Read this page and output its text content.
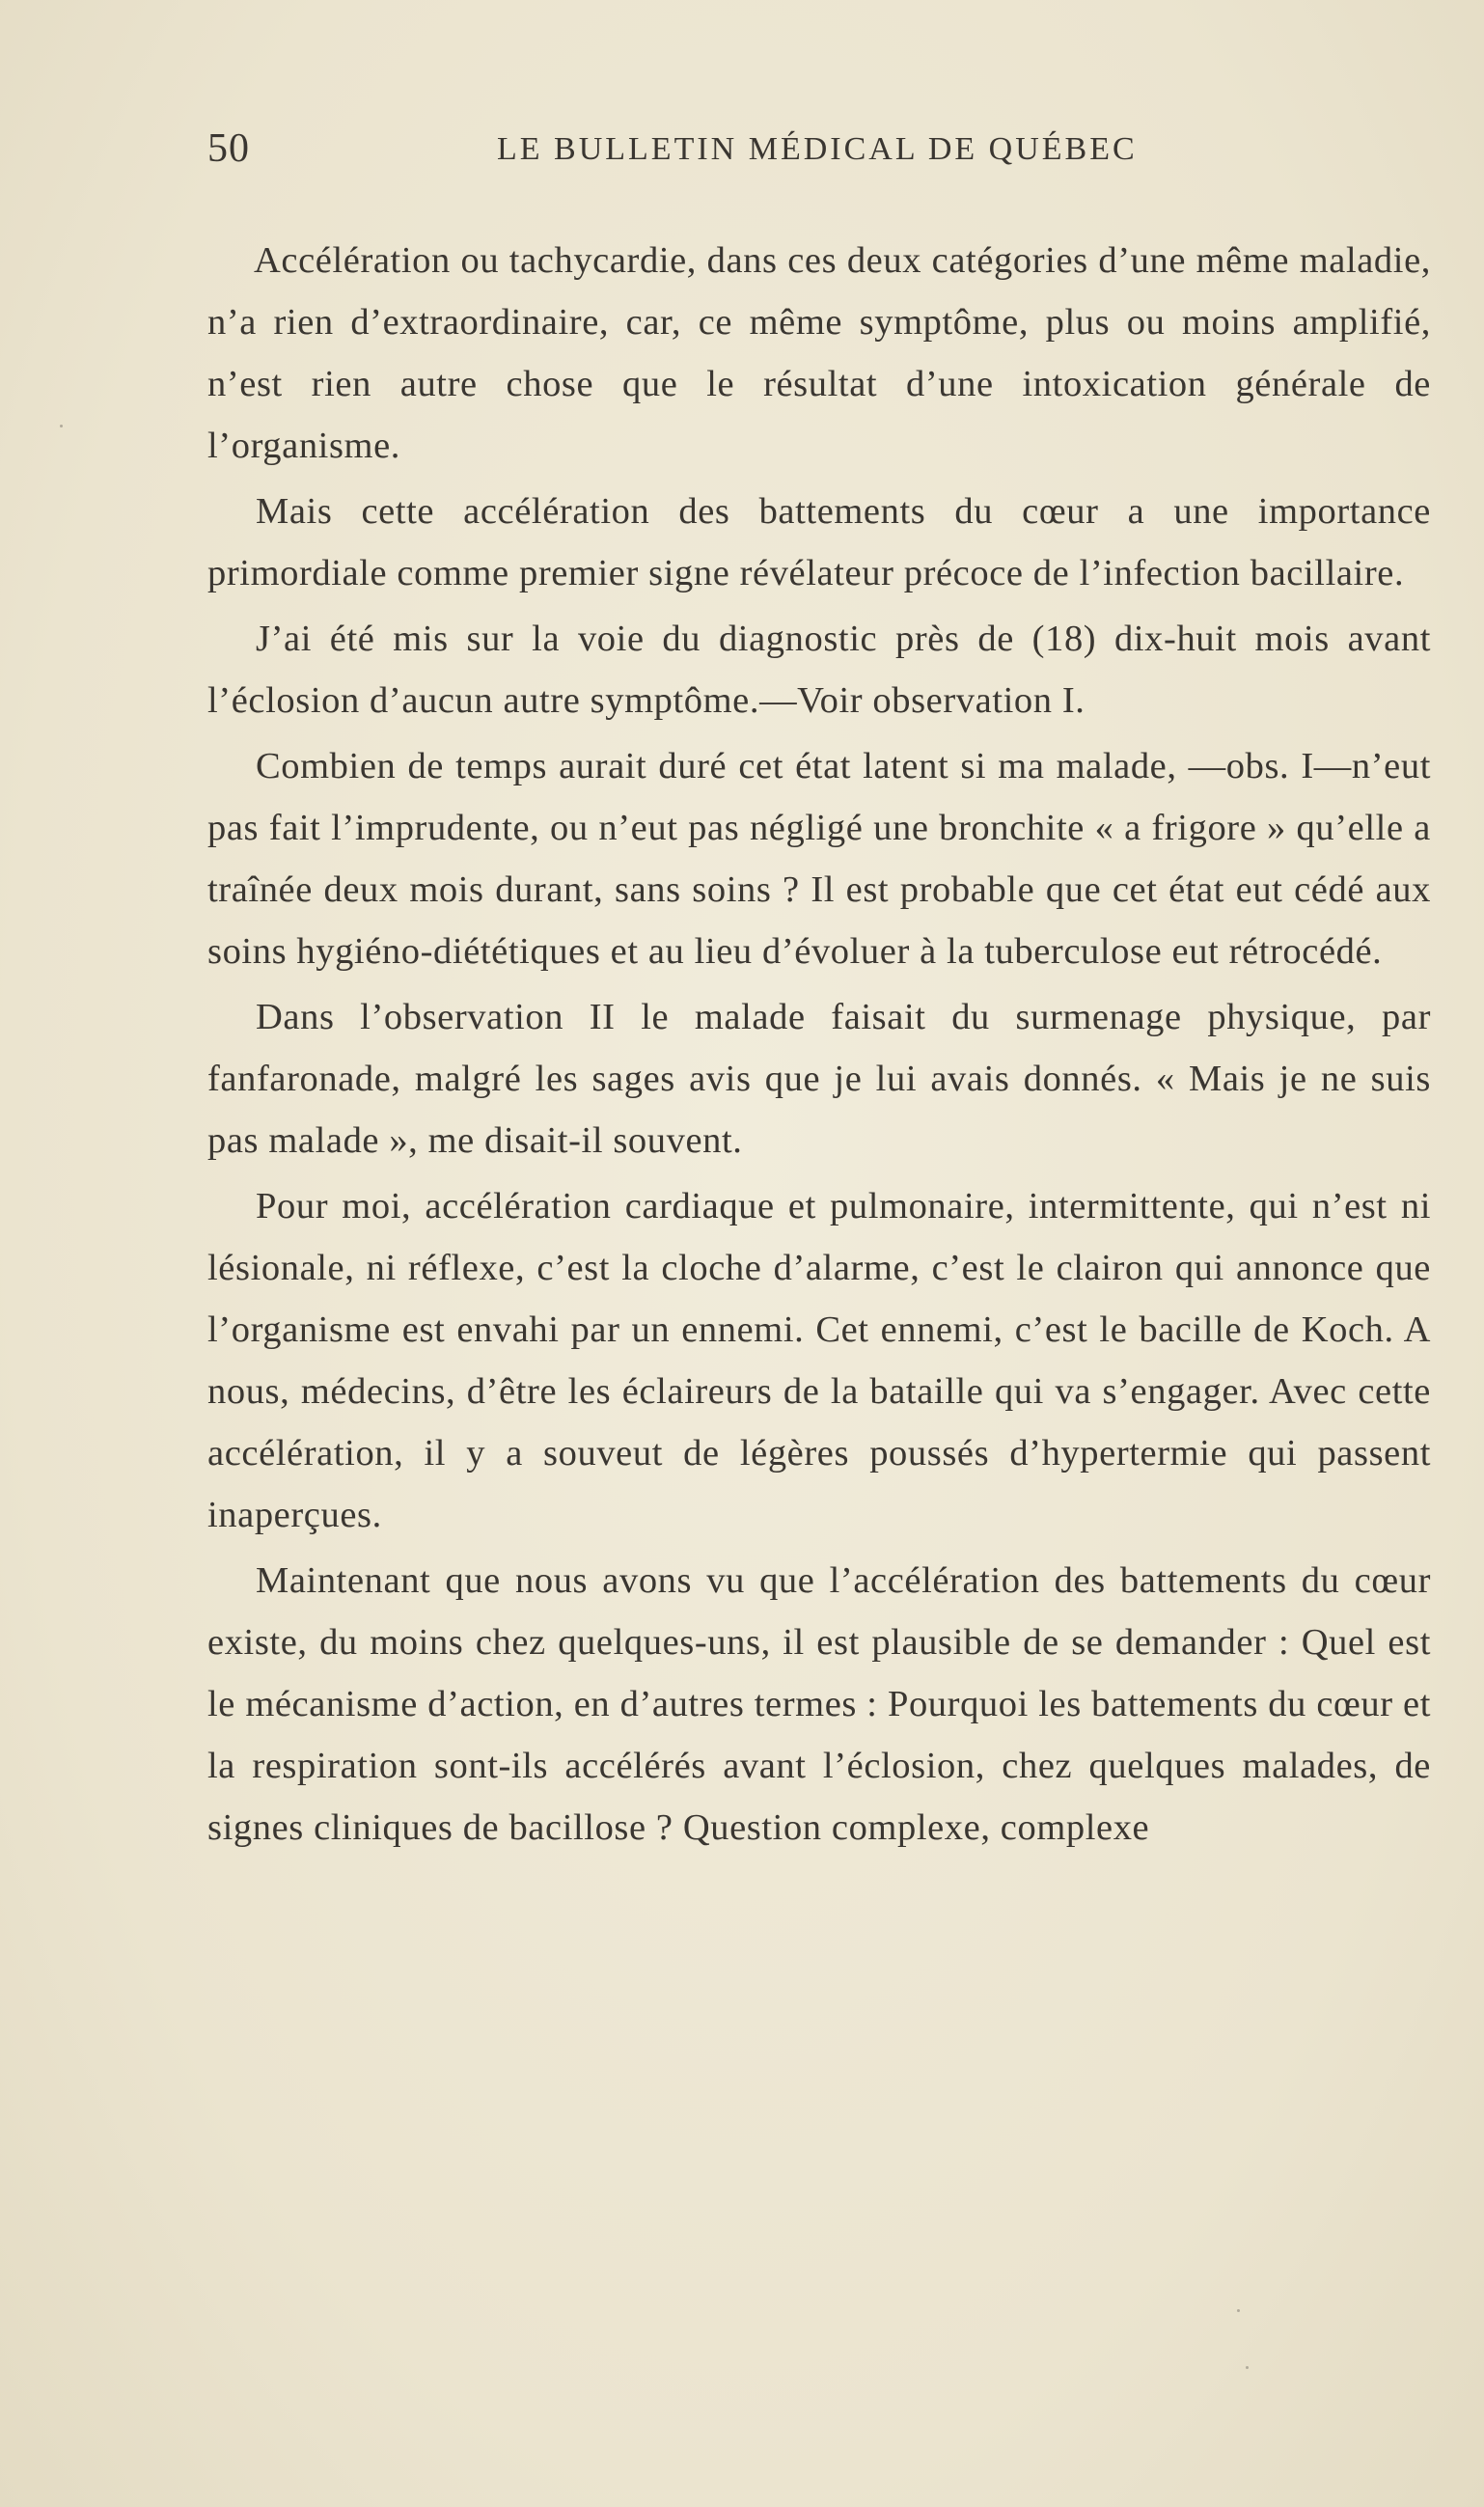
50	LE BULLETIN MÉDICAL DE QUÉBEC

Accélération ou tachycardie, dans ces deux catégories d’une même maladie, n’a rien d’extraordinaire, car, ce même symptôme, plus ou moins amplifié, n’est rien autre chose que le résultat d’une intoxication générale de l’organisme.

Mais cette accélération des battements du cœur a une importance primordiale comme premier signe révélateur précoce de l’infection bacillaire.

J’ai été mis sur la voie du diagnostic près de (18) dix-huit mois avant l’éclosion d’aucun autre symptôme.—Voir observation I.

Combien de temps aurait duré cet état latent si ma malade, —obs. I—n’eut pas fait l’imprudente, ou n’eut pas négligé une bronchite « a frigore » qu’elle a traînée deux mois durant, sans soins ? Il est probable que cet état eut cédé aux soins hygiéno-diététiques et au lieu d’évoluer à la tuberculose eut rétrocédé.

Dans l’observation II le malade faisait du surmenage physique, par fanfaronade, malgré les sages avis que je lui avais donnés. « Mais je ne suis pas malade », me disait-il souvent.

Pour moi, accélération cardiaque et pulmonaire, intermittente, qui n’est ni lésionale, ni réflexe, c’est la cloche d’alarme, c’est le clairon qui annonce que l’organisme est envahi par un ennemi. Cet ennemi, c’est le bacille de Koch. A nous, médecins, d’être les éclaireurs de la bataille qui va s’engager. Avec cette accélération, il y a souveut de légères poussés d’hypertermie qui passent inaperçues.

Maintenant que nous avons vu que l’accélération des battements du cœur existe, du moins chez quelques-uns, il est plausible de se demander : Quel est le mécanisme d’action, en d’autres termes : Pourquoi les battements du cœur et la respiration sont-ils accélérés avant l’éclosion, chez quelques malades, de signes cliniques de bacillose ? Question complexe, complexe
